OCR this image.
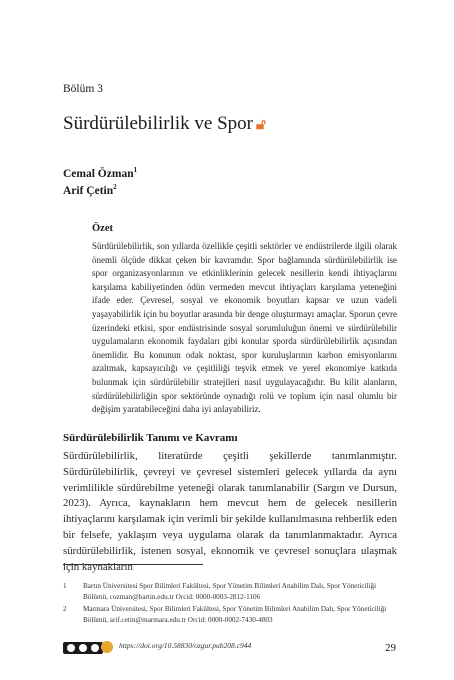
Bölüm 3
Sürdürülebilirlik ve Spor 🔓︎
Cemal Özman$^1$
Arif Çetin$^2$
Özet
Sürdürülebilirlik, son yıllarda özellikle çeşitli sektörler ve endüstrilerde ilgili olarak önemli ölçüde dikkat çeken bir kavramdır. Spor bağlamında sürdürülebilirlik ise spor organizasyonlarının ve etkinliklerinin gelecek nesillerin kendi ihtiyaçlarını karşılama kabiliyetinden ödün vermeden mevcut ihtiyaçları karşılama yeteneğini ifade eder. Çevresel, sosyal ve ekonomik boyutları kapsar ve uzun vadeli yaşayabilirlik için bu boyutlar arasında bir denge oluşturmayı amaçlar. Sporun çevre üzerindeki etkisi, spor endüstrisinde sosyal sorumluluğun önemi ve sürdürülebilir uygulamaların ekonomik faydaları gibi konular sporda sürdürülebilirlik açısından önemlidir. Bu konunun odak noktası, spor kuruluşlarının karbon emisyonlarını azaltmak, kapsayıcılığı ve çeşitliliği teşvik etmek ve yerel ekonomiye katkıda bulunmak için sürdürülebilir stratejileri nasıl uygulayacağıdır. Bu kilit alanların, sürdürülebilirliğin spor sektöründe oynadığı rolü ve toplum için nasıl olumlu bir değişim yaratabileceğini daha iyi anlayabiliriz.
Sürdürülebilirlik Tanımı ve Kavramı
Sürdürülebilirlik, literatürde çeşitli şekillerde tanımlanmıştır. Sürdürülebilirlik, çevreyi ve çevresel sistemleri gelecek yıllarda da aynı verimlilikle sürdürebilme yeteneği olarak tanımlanabilir (Sargın ve Dursun, 2023). Ayrıca, kaynakların hem mevcut hem de gelecek nesillerin ihtiyaçlarını karşılamak için verimli bir şekilde kullanılmasına rehberlik eden bir felsefe, yaklaşım veya uygulama olarak da tanımlanmaktadır. Ayrıca sürdürülebilirlik, istenen sosyal, ekonomik ve çevresel sonuçlara ulaşmak için kaynakların
1 Bartın Üniversitesi Spor Bilimleri Fakültesi, Spor Yönetim Bilimleri Anabilim Dalı, Spor Yöneticiliği Bölümü, cozman@bartin.edu.tr Orcid: 0000-0003-2812-1106
2 Marmara Üniversitesi, Spor Bilimleri Fakültesi, Spor Yönetim Bilimleri Anabilim Dalı, Spor Yöneticiliği Bölümü, arif.cetin@marmara.edu.tr Orcid: 0000-0002-7430-4803
https://doi.org/10.58830/ozgur.pub208.c944	29
